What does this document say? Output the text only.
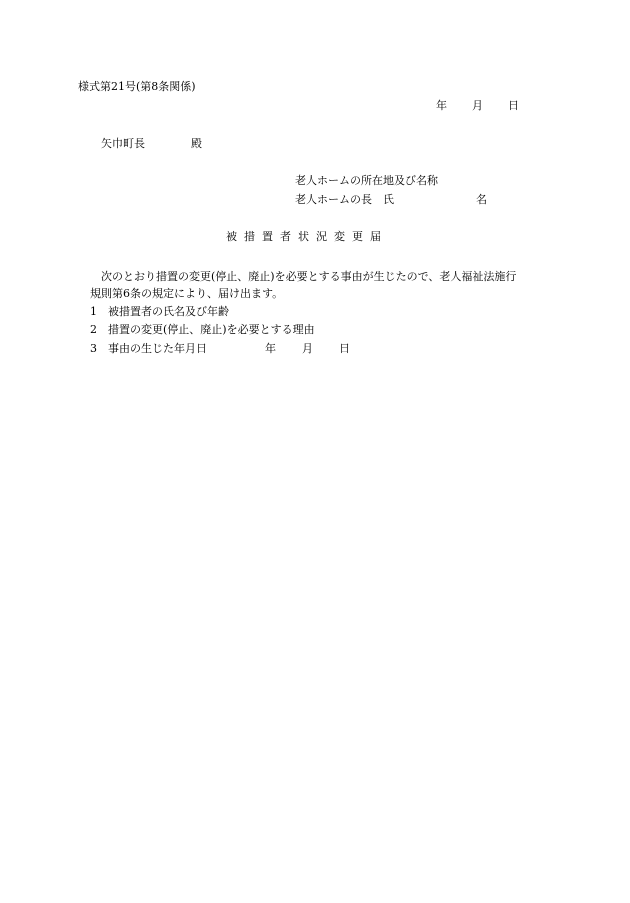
様式第21号(第8条関係)
年 月 日
矢巾町長	殿
老人ホームの所在地及び名称
老人ホームの長　氏	名
被措置者状況変更届
次のとおり措置の変更(停止、廃止)を必要とする事由が生じたので、老人福祉法施行
規則第6条の規定により、届け出ます。
1 被措置者の氏名及び年齢
2 措置の変更(停止、廃止)を必要とする理由
3 事由の生じた年月日	年 月 日
